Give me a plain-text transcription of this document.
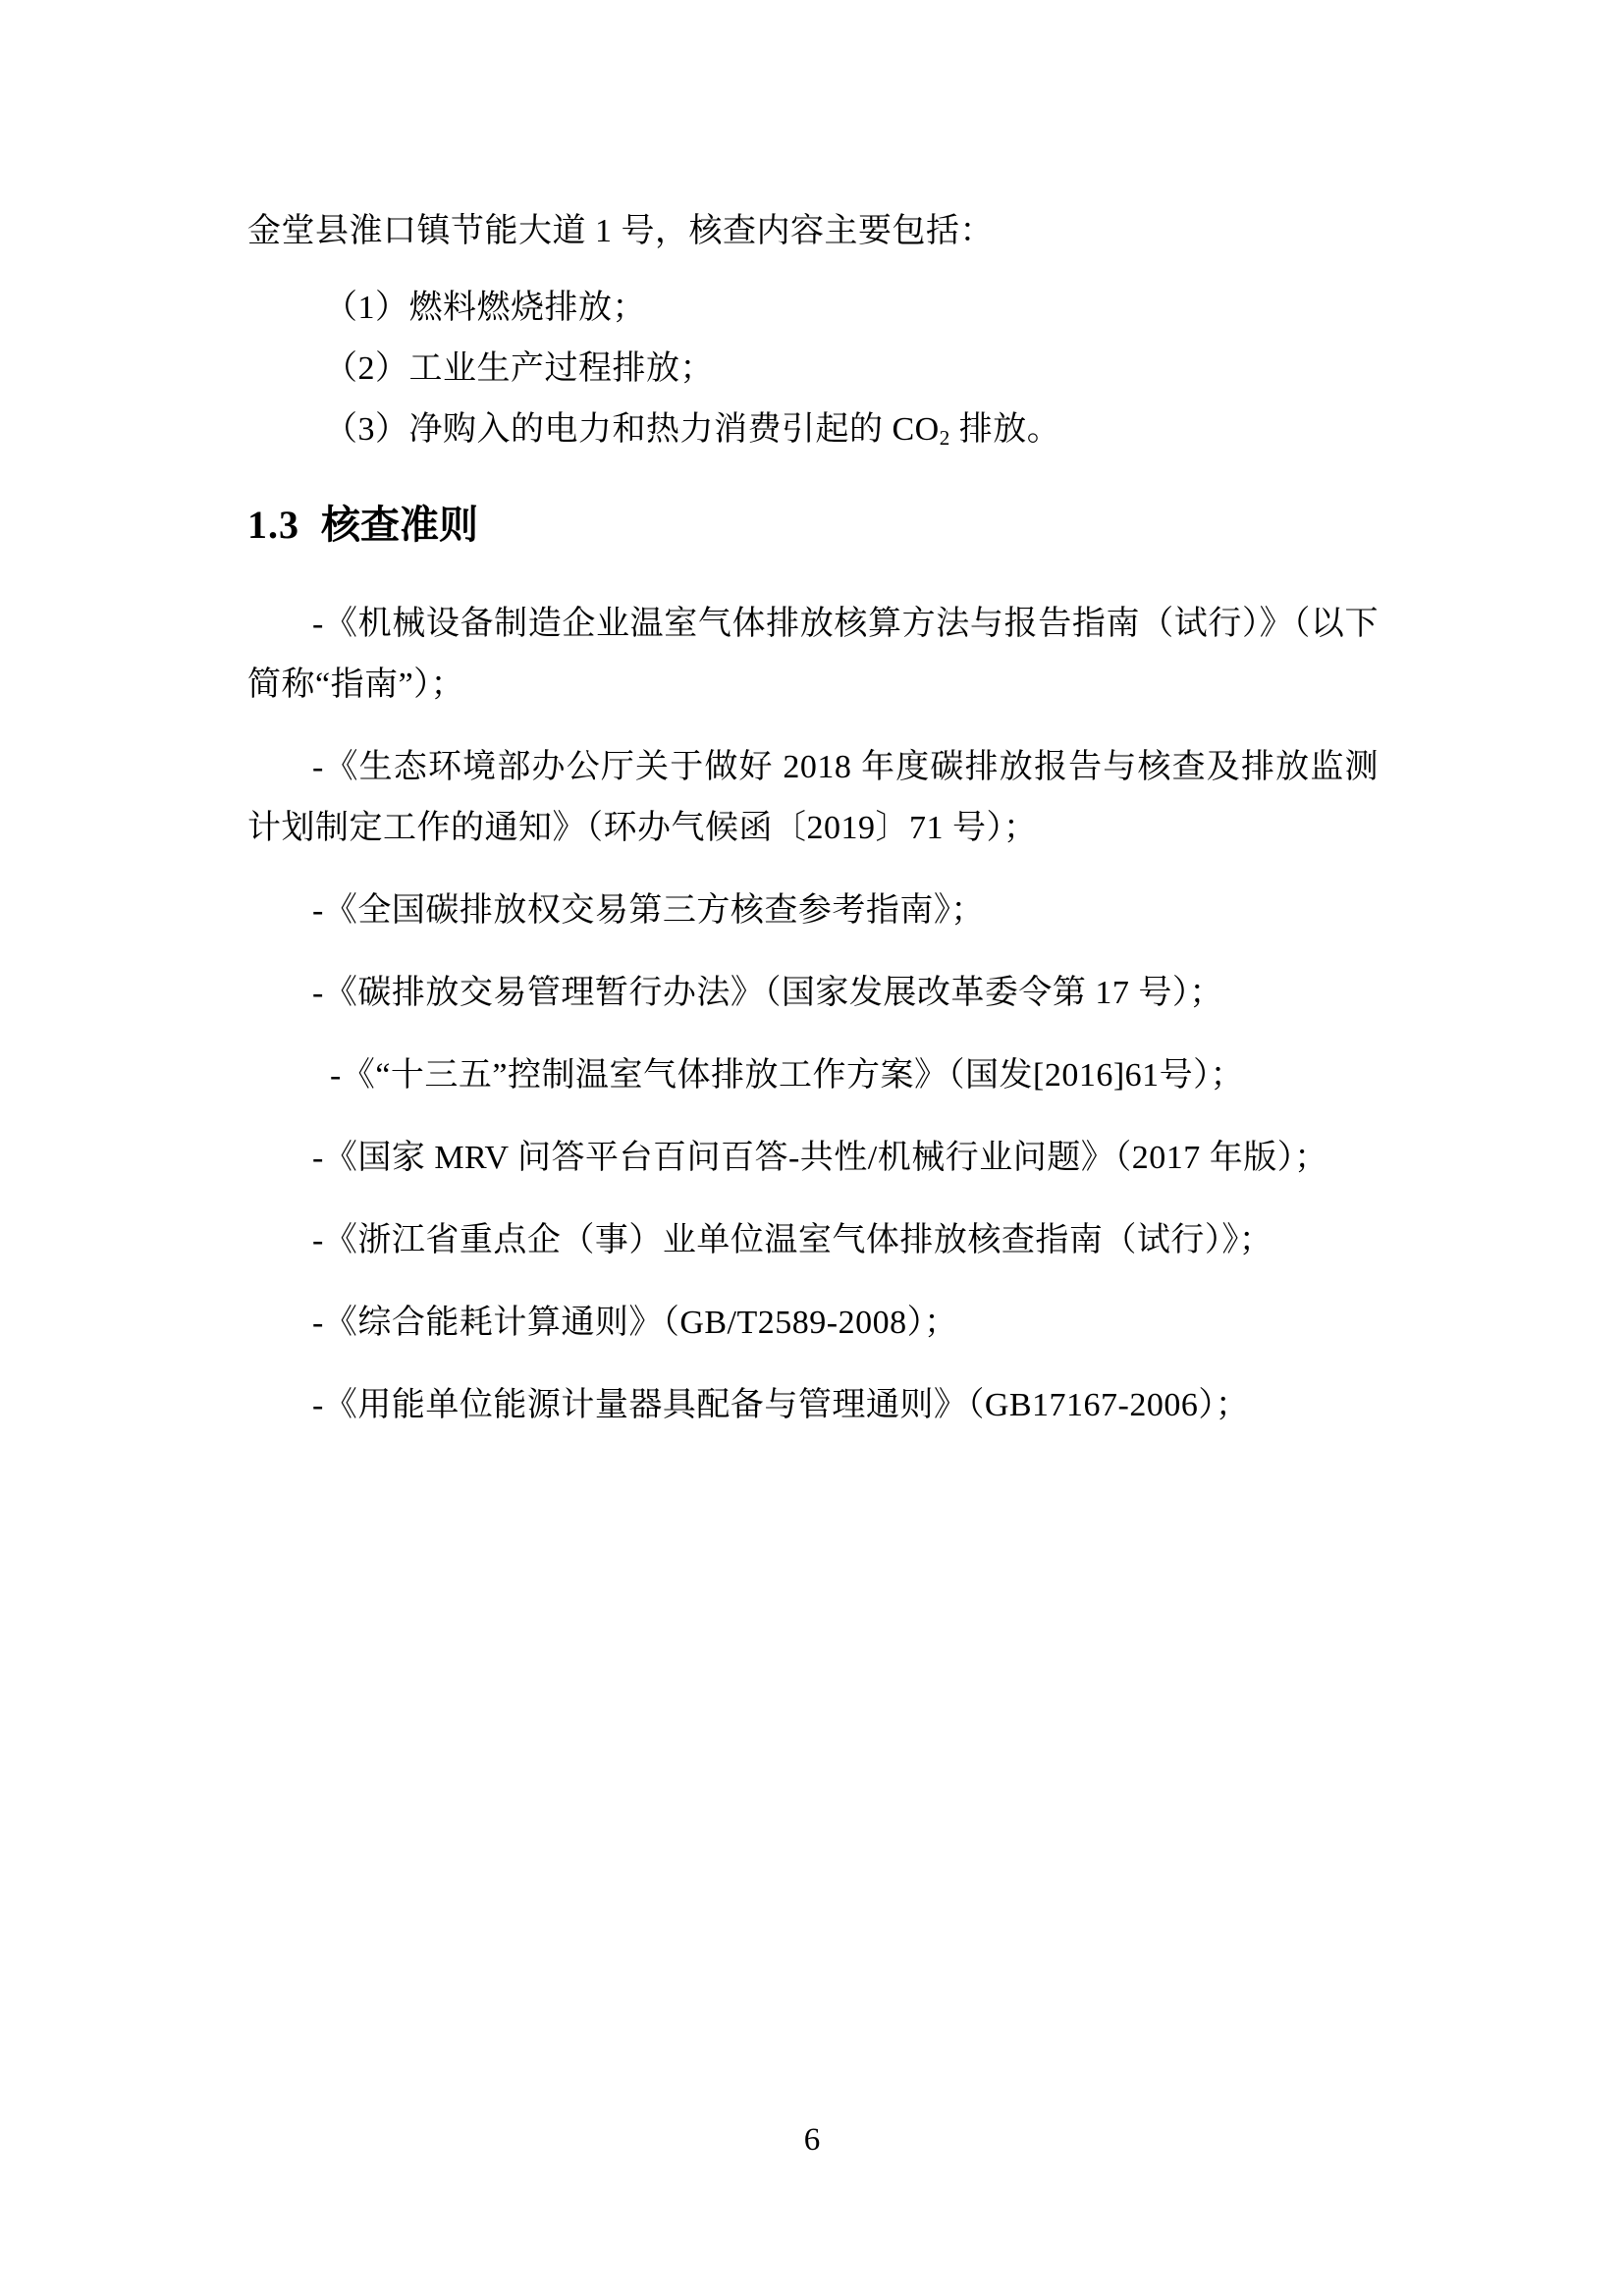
金堂县淮口镇节能大道 1 号，核查内容主要包括：

（1）燃料燃烧排放；

（2）工业生产过程排放；

（3）净购入的电力和热力消费引起的 $CO_2$ 排放。

1.3 核查准则

-《机械设备制造企业温室气体排放核算方法与报告指南（试行）》（以下简称“指南”）；

-《生态环境部办公厅关于做好 2018 年度碳排放报告与核查及排放监测计划制定工作的通知》（环办气候函〔2019〕71 号）；

-《全国碳排放权交易第三方核查参考指南》；

-《碳排放交易管理暂行办法》（国家发展改革委令第 17 号）；

-《“十三五”控制温室气体排放工作方案》（国发[2016]61号）；

-《国家 MRV 问答平台百问百答-共性/机械行业问题》（2017 年版）；

-《浙江省重点企（事）业单位温室气体排放核查指南（试行）》；

-《综合能耗计算通则》（GB/T2589-2008）；

-《用能单位能源计量器具配备与管理通则》（GB17167-2006）；

6
